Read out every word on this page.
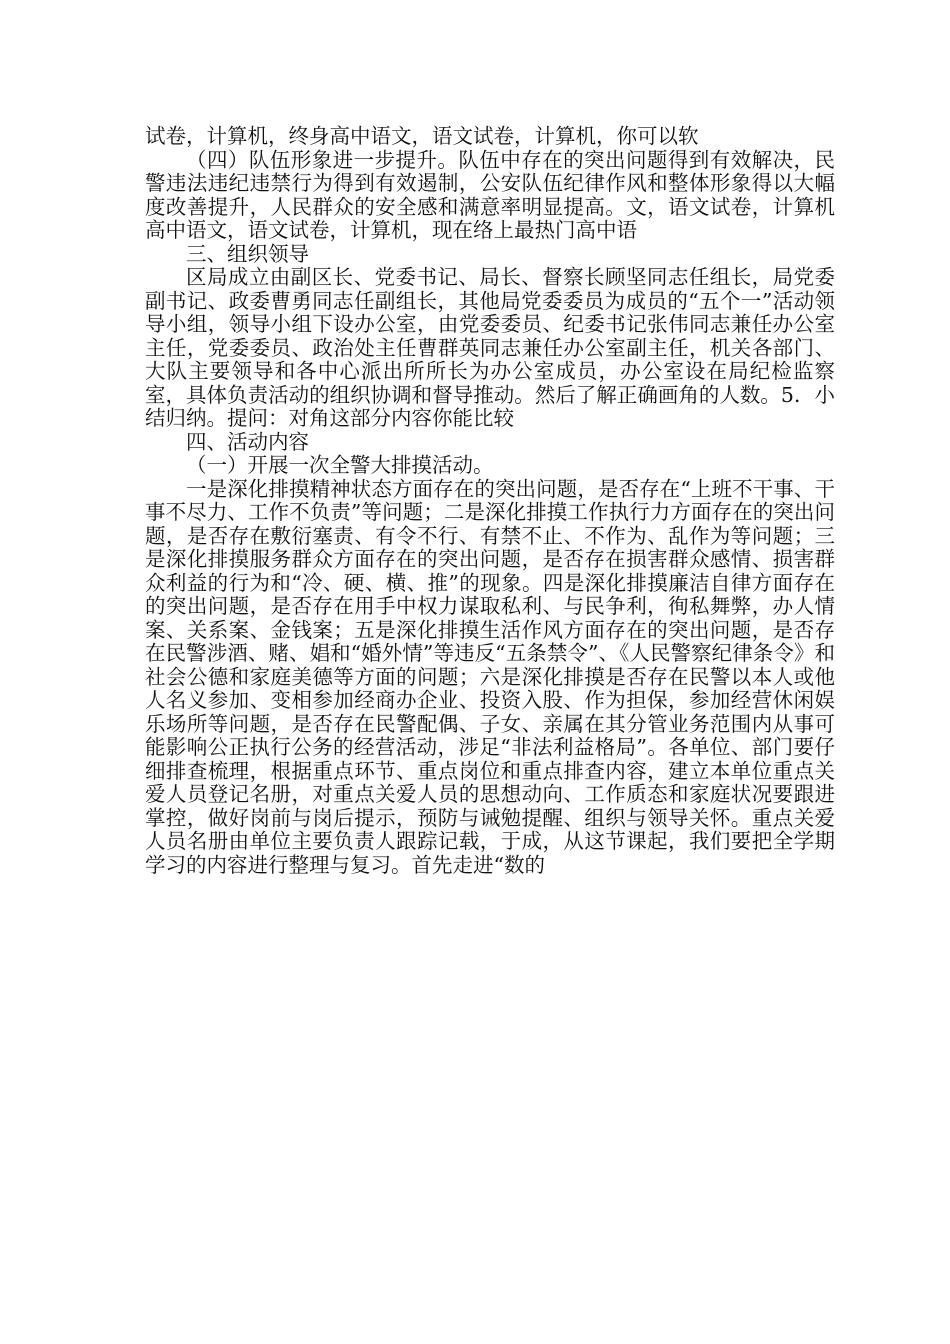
试卷，计算机，终身高中语文，语文试卷，计算机，你可以软

（四）队伍形象进一步提升。队伍中存在的突出问题得到有效解决，民警违法违纪违禁行为得到有效遏制，公安队伍纪律作风和整体形象得以大幅度改善提升，人民群众的安全感和满意率明显提高。文，语文试卷，计算机高中语文，语文试卷，计算机，现在络上最热门高中语

三、组织领导

区局成立由副区长、党委书记、局长、督察长顾坚同志任组长，局党委副书记、政委曹勇同志任副组长，其他局党委委员为成员的“五个一”活动领导小组，领导小组下设办公室，由党委委员、纪委书记张伟同志兼任办公室主任，党委委员、政治处主任曹群英同志兼任办公室副主任，机关各部门、大队主要领导和各中心派出所所长为办公室成员，办公室设在局纪检监察室，具体负责活动的组织协调和督导推动。然后了解正确画角的人数。5．小结归纳。提问：对角这部分内容你能比较

四、活动内容

（一）开展一次全警大排摸活动。

一是深化排摸精神状态方面存在的突出问题，是否存在“上班不干事、干事不尽力、工作不负责”等问题；二是深化排摸工作执行力方面存在的突出问题，是否存在敷衍塞责、有令不行、有禁不止、不作为、乱作为等问题；三是深化排摸服务群众方面存在的突出问题，是否存在损害群众感情、损害群众利益的行为和“冷、硬、横、推”的现象。四是深化排摸廉洁自律方面存在的突出问题，是否存在用手中权力谋取私利、与民争利，徇私舞弊，办人情案、关系案、金钱案；五是深化排摸生活作风方面存在的突出问题，是否存在民警涉酒、赌、娼和“婚外情”等违反“五条禁令”、《人民警察纪律条令》和社会公德和家庭美德等方面的问题；六是深化排摸是否存在民警以本人或他人名义参加、变相参加经商办企业、投资入股、作为担保，参加经营休闲娱乐场所等问题，是否存在民警配偶、子女、亲属在其分管业务范围内从事可能影响公正执行公务的经营活动，涉足“非法利益格局”。各单位、部门要仔细排查梳理，根据重点环节、重点岗位和重点排查内容，建立本单位重点关爱人员登记名册，对重点关爱人员的思想动向、工作质态和家庭状况要跟进掌控，做好岗前与岗后提示，预防与诫勉提醒、组织与领导关怀。重点关爱人员名册由单位主要负责人跟踪记载，于成，从这节课起，我们要把全学期学习的内容进行整理与复习。首先走进“数的
